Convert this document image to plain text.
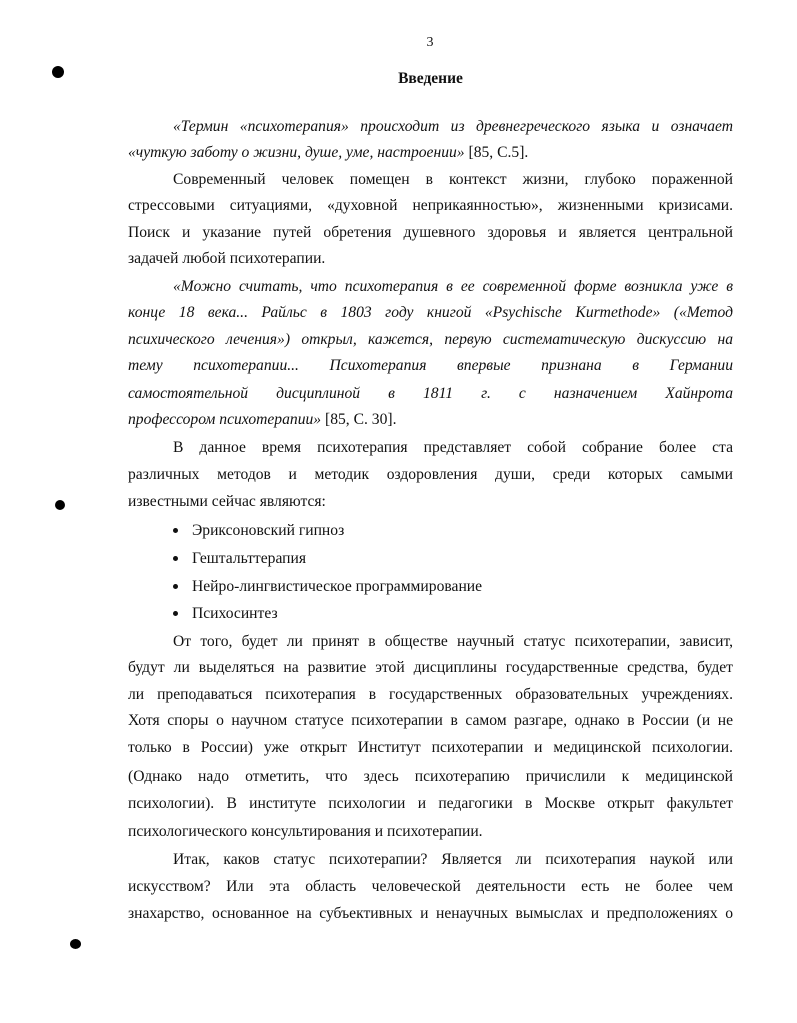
3
Введение
«Термин «психотерапия» происходит из древнегреческого языка и означает
«чуткую заботу о жизни, душе, уме, настроении» [85, С.5].
Современный человек помещен в контекст жизни, глубоко пораженной
стрессовыми ситуациями, «духовной неприкаянностью», жизненными кризисами.
Поиск и указание путей обретения душевного здоровья и является центральной
задачей любой психотерапии.
«Можно считать, что психотерапия в ее современной форме возникла уже в
конце 18 века... Райльс в 1803 году книгой «Psychische Kurmethode» («Метод
психического лечения») открыл, кажется, первую систематическую дискуссию на
тему психотерапии... Психотерапия впервые признана в Германии
самостоятельной дисциплиной в 1811 г. с назначением Хайнрота
профессором психотерапии» [85, С. 30].
В данное время психотерапия представляет собой собрание более ста
различных методов и методик оздоровления души, среди которых самыми
известными сейчас являются:
От того, будет ли принят в обществе научный статус психотерапии, зависит,
будут ли выделяться на развитие этой дисциплины государственные средства, будет
ли преподаваться психотерапия в государственных образовательных учреждениях.
Хотя споры о научном статусе психотерапии в самом разгаре, однако в России (и не
только в России) уже открыт Институт психотерапии и медицинской психологии.
(Однако надо отметить, что здесь психотерапию причислили к медицинской
психологии). В институте психологии и педагогики в Москве открыт факультет
психологического консультирования и психотерапии.
Итак, каков статус психотерапии? Является ли психотерапия наукой или
искусством? Или эта область человеческой деятельности есть не более чем
знахарство, основанное на субъективных и ненаучных вымыслах и предположениях о
Эриксоновский гипноз
Гештальттерапия
Нейро-лингвистическое программирование
Психосинтез
